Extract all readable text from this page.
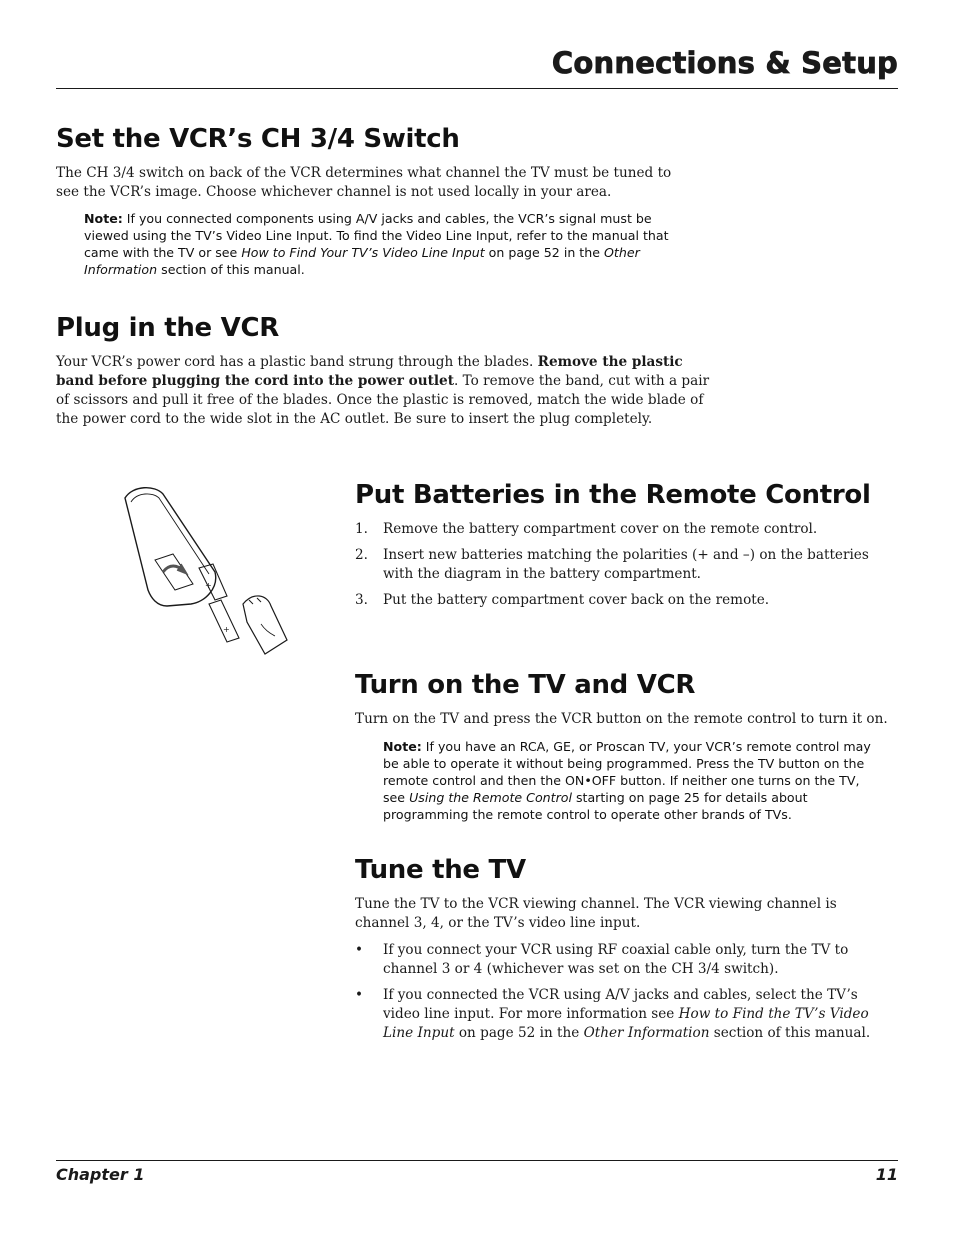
Connections & Setup
Set the VCR’s CH 3/4 Switch

The CH 3/4 switch on back of the VCR determines what channel the TV must be tuned to see the VCR’s image. Choose whichever channel is not used locally in your area.

Note: If you connected components using A/V jacks and cables, the VCR’s signal must be viewed using the TV’s Video Line Input. To find the Video Line Input, refer to the manual that came with the TV or see How to Find Your TV’s Video Line Input on page 52 in the Other Information section of this manual.

Plug in the VCR

Your VCR’s power cord has a plastic band strung through the blades. Remove the plastic band before plugging the cord into the power outlet. To remove the band, cut with a pair of scissors and pull it free of the blades. Once the plastic is removed, match the wide blade of the power cord to the wide slot in the AC outlet. Be sure to insert the plug completely.

+
+
Put Batteries in the Remote Control
1. Remove the battery compartment cover on the remote control.
2. Insert new batteries matching the polarities (+ and –) on the batteries with the diagram in the battery compartment.
3. Put the battery compartment cover back on the remote.
Turn on the TV and VCR

Turn on the TV and press the VCR button on the remote control to turn it on.

Note: If you have an RCA, GE, or Proscan TV, your VCR’s remote control may be able to operate it without being programmed. Press the TV button on the remote control and then the ON•OFF button. If neither one turns on the TV, see Using the Remote Control starting on page 25 for details about programming the remote control to operate other brands of TVs.

Tune the TV

Tune the TV to the VCR viewing channel. The VCR viewing channel is channel 3, 4, or the TV’s video line input.

• If you connect your VCR using RF coaxial cable only, turn the TV to channel 3 or 4 (whichever was set on the CH 3/4 switch).
• If you connected the VCR using A/V jacks and cables, select the TV’s video line input. For more information see How to Find the TV’s Video Line Input on page 52 in the Other Information section of this manual.
Chapter 1	11
